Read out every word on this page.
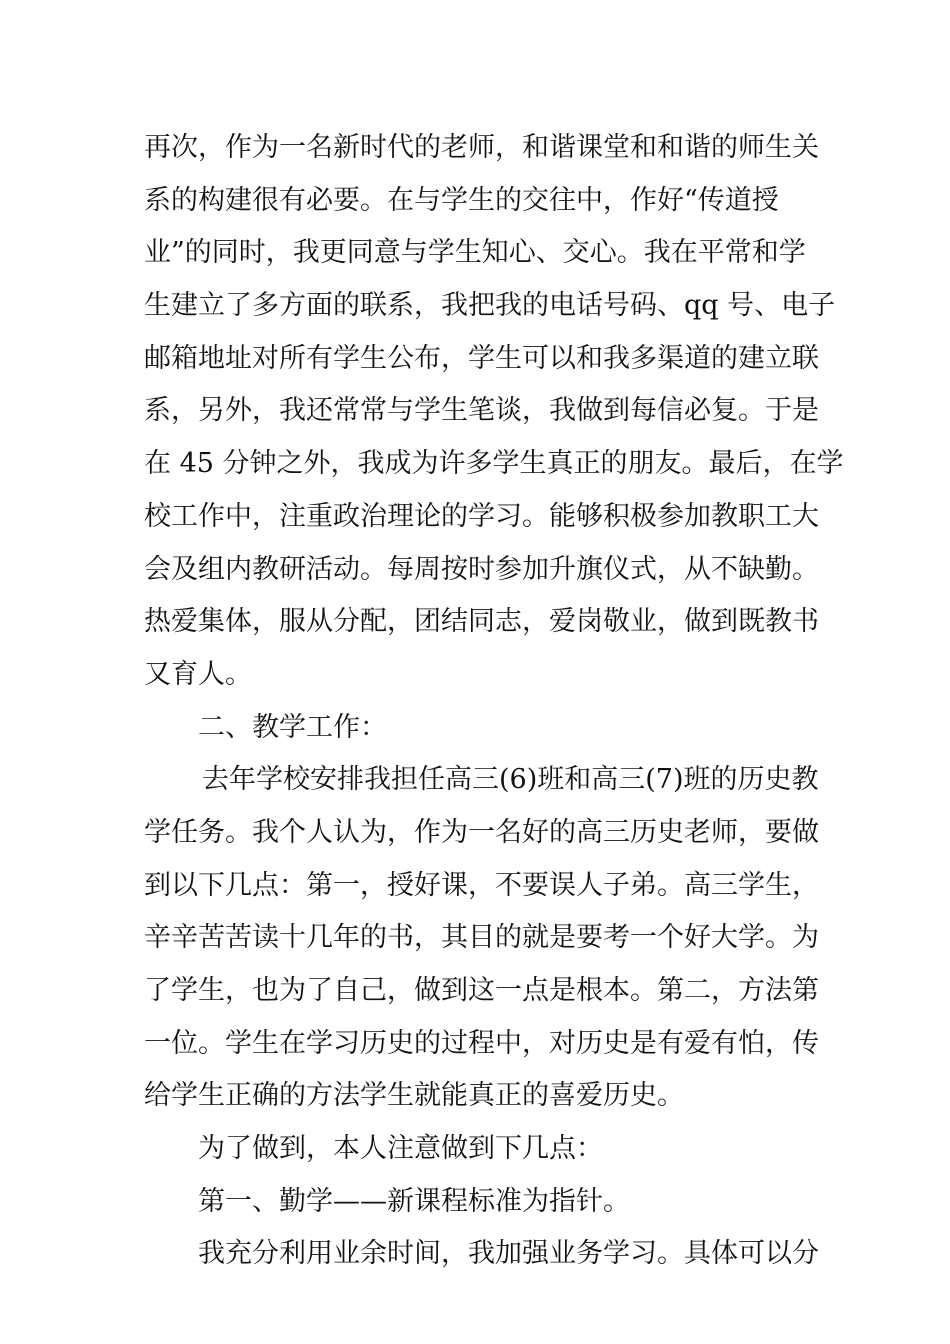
再次，作为一名新时代的老师，和谐课堂和和谐的师生关
系的构建很有必要。在与学生的交往中，作好“传道授
业”的同时，我更同意与学生知心、交心。我在平常和学
生建立了多方面的联系，我把我的电话号码、qq 号、电子
邮箱地址对所有学生公布，学生可以和我多渠道的建立联
系，另外，我还常常与学生笔谈，我做到每信必复。于是
在 45 分钟之外，我成为许多学生真正的朋友。最后，在学
校工作中，注重政治理论的学习。能够积极参加教职工大
会及组内教研活动。每周按时参加升旗仪式，从不缺勤。
热爱集体，服从分配，团结同志，爱岗敬业，做到既教书
又育人。
二、教学工作：
去年学校安排我担任高三(6)班和高三(7)班的历史教
学任务。我个人认为，作为一名好的高三历史老师，要做
到以下几点：第一，授好课，不要误人子弟。高三学生，
辛辛苦苦读十几年的书，其目的就是要考一个好大学。为
了学生，也为了自己，做到这一点是根本。第二，方法第
一位。学生在学习历史的过程中，对历史是有爱有怕，传
给学生正确的方法学生就能真正的喜爱历史。
为了做到，本人注意做到下几点：
第一、勤学——新课程标准为指针。
我充分利用业余时间，我加强业务学习。具体可以分
